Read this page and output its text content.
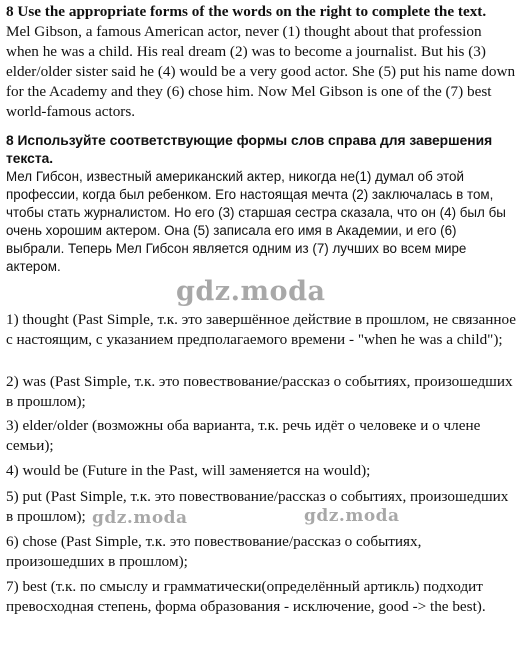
8 Use the appropriate forms of the words on the right to complete the text.

Mel Gibson, a famous American actor, never (1) thought about that profession when he was a child. His real dream (2) was to become a journalist. But his (3) elder/older sister said he (4) would be a very good actor. She (5) put his name down for the Academy and they (6) chose him. Now Mel Gibson is one of the (7) best world-famous actors.

8 Используйте соответствующие формы слов справа для завершения текста.

Мел Гибсон, известный американский актер, никогда не(1) думал об этой профессии, когда был ребенком. Его настоящая мечта (2) заключалась в том, чтобы стать журналистом. Но его (3) старшая сестра сказала, что он (4) был бы очень хорошим актером. Она (5) записала его имя в Академии, и его (6) выбрали. Теперь Мел Гибсон является одним из (7) лучших во всем мире актером.

gdz.moda

1) thought (Past Simple, т.к. это завершённое действие в прошлом, не связанное с настоящим, с указанием предполагаемого времени - "when he was a child");

2) was (Past Simple, т.к. это повествование/рассказ о событиях, произошедших в прошлом);

3) elder/older (возможны оба варианта, т.к. речь идёт о человеке и о члене семьи);

4) would be (Future in the Past, will заменяется на would);

5) put (Past Simple, т.к. это повествование/рассказ о событиях, произошедших в прошлом); gdz.moda	gdz.moda

6) chose (Past Simple, т.к. это повествование/рассказ о событиях, произошедших в прошлом);

7) best (т.к. по смыслу и грамматически(определённый артикль) подходит превосходная степень, форма образования - исключение, good -> the best).
